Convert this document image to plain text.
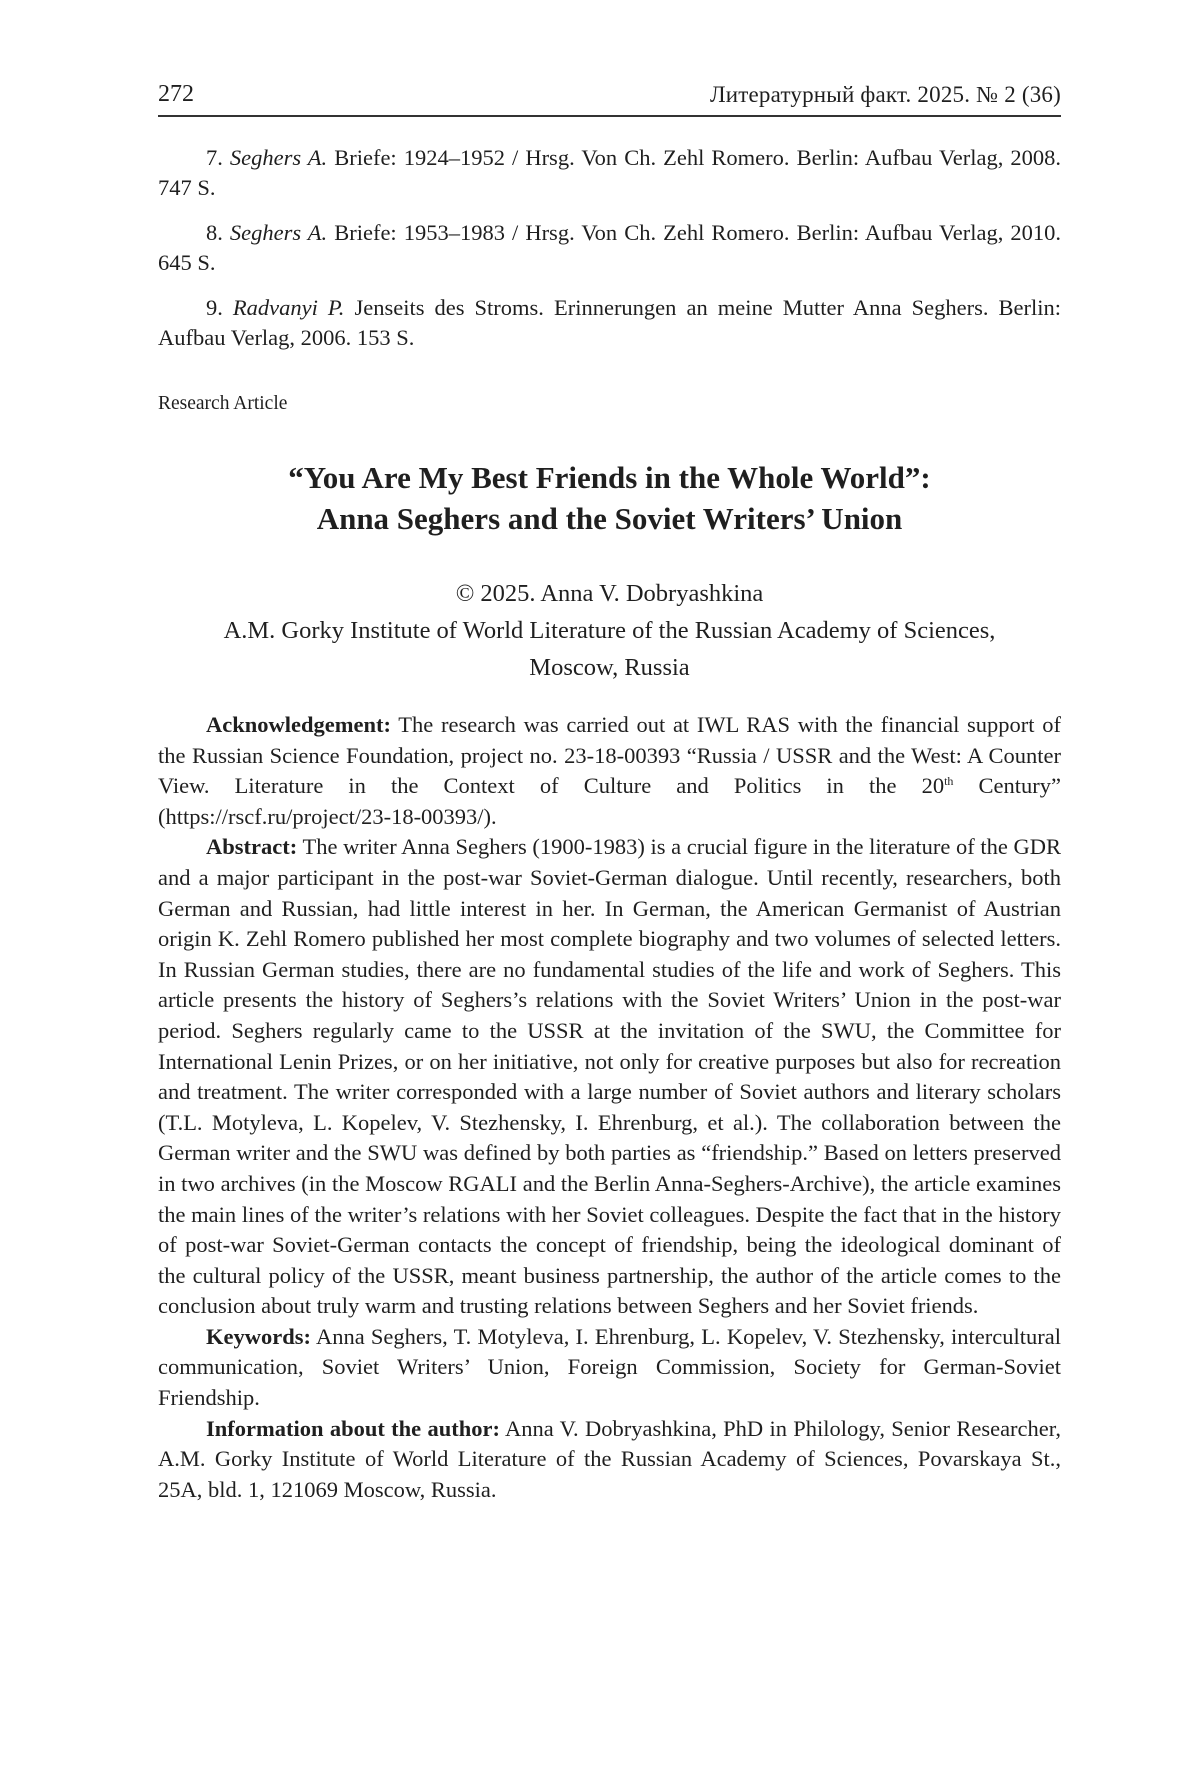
272	Литературный факт. 2025. № 2 (36)

7. Seghers A. Briefe: 1924–1952 / Hrsg. Von Ch. Zehl Romero. Berlin: Aufbau Verlag, 2008. 747 S.

8. Seghers A. Briefe: 1953–1983 / Hrsg. Von Ch. Zehl Romero. Berlin: Aufbau Verlag, 2010. 645 S.

9. Radvanyi P. Jenseits des Stroms. Erinnerungen an meine Mutter Anna Seghers. Berlin: Aufbau Verlag, 2006. 153 S.

Research Article
“You Are My Best Friends in the Whole World”:
Anna Seghers and the Soviet Writers’ Union
© 2025. Anna V. Dobryashkina
A.M. Gorky Institute of World Literature of the Russian Academy of Sciences,
Moscow, Russia

Acknowledgement: The research was carried out at IWL RAS with the financial support of the Russian Science Foundation, project no. 23-18-00393 “Russia / USSR and the West: A Counter View. Literature in the Context of Culture and Politics in the 20th Century” (https://rscf.ru/project/23-18-00393/).

Abstract: The writer Anna Seghers (1900-1983) is a crucial figure in the literature of the GDR and a major participant in the post-war Soviet-German dialogue. Until recently, researchers, both German and Russian, had little interest in her. In German, the American Germanist of Austrian origin K. Zehl Romero published her most complete biography and two volumes of selected letters. In Russian German studies, there are no fundamental studies of the life and work of Seghers. This article presents the history of Seghers’s relations with the Soviet Writers’ Union in the post-war period. Seghers regularly came to the USSR at the invitation of the SWU, the Committee for International Lenin Prizes, or on her initiative, not only for creative purposes but also for recreation and treatment. The writer corresponded with a large number of Soviet authors and literary scholars (T.L. Motyleva, L. Kopelev, V. Stezhensky, I. Ehrenburg, et al.). The collaboration between the German writer and the SWU was defined by both parties as “friendship.” Based on letters preserved in two archives (in the Moscow RGALI and the Berlin Anna-Seghers-Archive), the article examines the main lines of the writer’s relations with her Soviet colleagues. Despite the fact that in the history of post-war Soviet-German contacts the concept of friendship, being the ideological dominant of the cultural policy of the USSR, meant business partnership, the author of the article comes to the conclusion about truly warm and trusting relations between Seghers and her Soviet friends.

Keywords: Anna Seghers, T. Motyleva, I. Ehrenburg, L. Kopelev, V. Stezhensky, intercultural communication, Soviet Writers’ Union, Foreign Commission, Society for German-Soviet Friendship.

Information about the author: Anna V. Dobryashkina, PhD in Philology, Senior Researcher, A.M. Gorky Institute of World Literature of the Russian Academy of Sciences, Povarskaya St., 25A, bld. 1, 121069 Moscow, Russia.
